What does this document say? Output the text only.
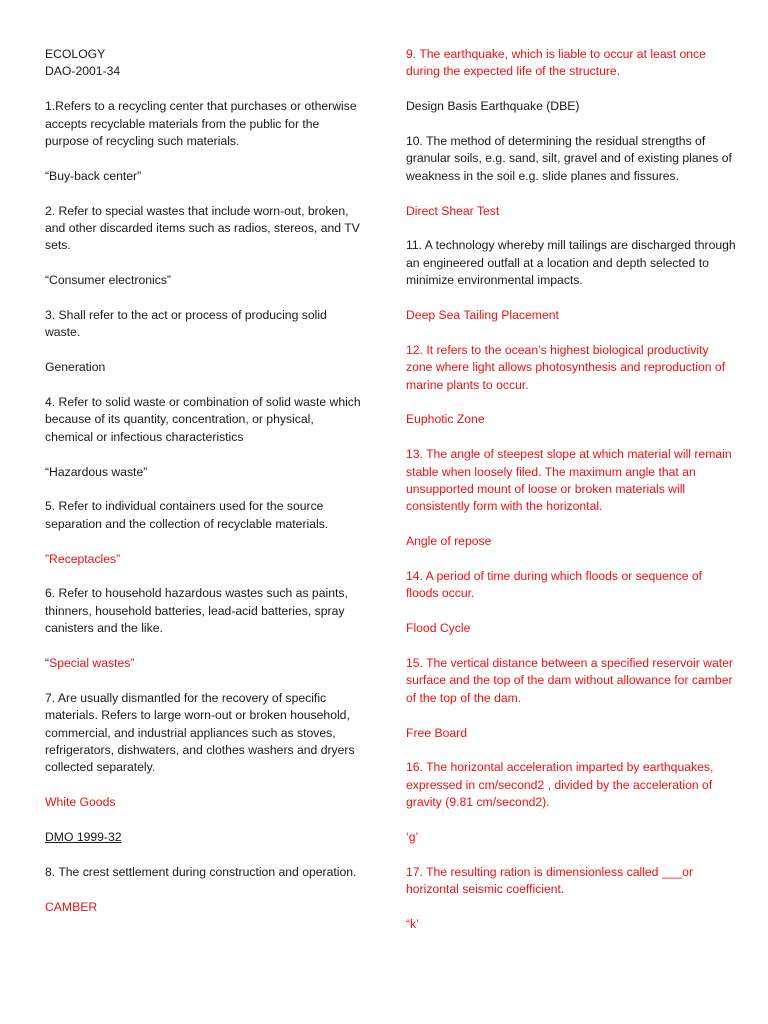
ECOLOGY

DAO-2001-34

1.Refers to a recycling center that purchases or otherwise accepts recyclable materials from the public for the purpose of recycling such materials.

“Buy-back center”

2. Refer to special wastes that include worn-out, broken, and other discarded items such as radios, stereos, and TV sets.

“Consumer electronics”

3. Shall refer to the act or process of producing solid waste.

Generation

4. Refer to solid waste or combination of solid waste which because of its quantity, concentration, or physical, chemical or infectious characteristics

“Hazardous waste”

5. Refer to individual containers used for the source separation and the collection of recyclable materials.

”Receptacles”

6. Refer to household hazardous wastes such as paints, thinners, household batteries, lead-acid batteries, spray canisters and the like.

“Special wastes”

7. Are usually dismantled for the recovery of specific materials. Refers to large worn-out or broken household, commercial, and industrial appliances such as stoves, refrigerators, dishwaters, and clothes washers and dryers collected separately.

White Goods

DMO 1999-32

8. The crest settlement during construction and operation.

CAMBER

9. The earthquake, which is liable to occur at least once during the expected life of the structure.

Design Basis Earthquake (DBE)

10. The method of determining the residual strengths of granular soils, e.g. sand, silt, gravel and of existing planes of weakness in the soil e.g. slide planes and fissures.

Direct Shear Test

11. A technology whereby mill tailings are discharged through an engineered outfall at a location and depth selected to minimize environmental impacts.

Deep Sea Tailing Placement

12. It refers to the ocean’s highest biological productivity zone where light allows photosynthesis and reproduction of marine plants to occur.

Euphotic Zone

13. The angle of steepest slope at which material will remain stable when loosely filed. The maximum angle that an unsupported mount of loose or broken materials will consistently form with the horizontal.

Angle of repose

14. A period of time during which floods or sequence of floods occur.

Flood Cycle

15. The vertical distance between a specified reservoir water surface and the top of the dam without allowance for camber of the top of the dam.

Free Board

16. The horizontal acceleration imparted by earthquakes, expressed in cm/second2 , divided by the acceleration of gravity (9.81 cm/second2).

‘g’

17. The resulting ration is dimensionless called ___or horizontal seismic coefficient.

“k’
